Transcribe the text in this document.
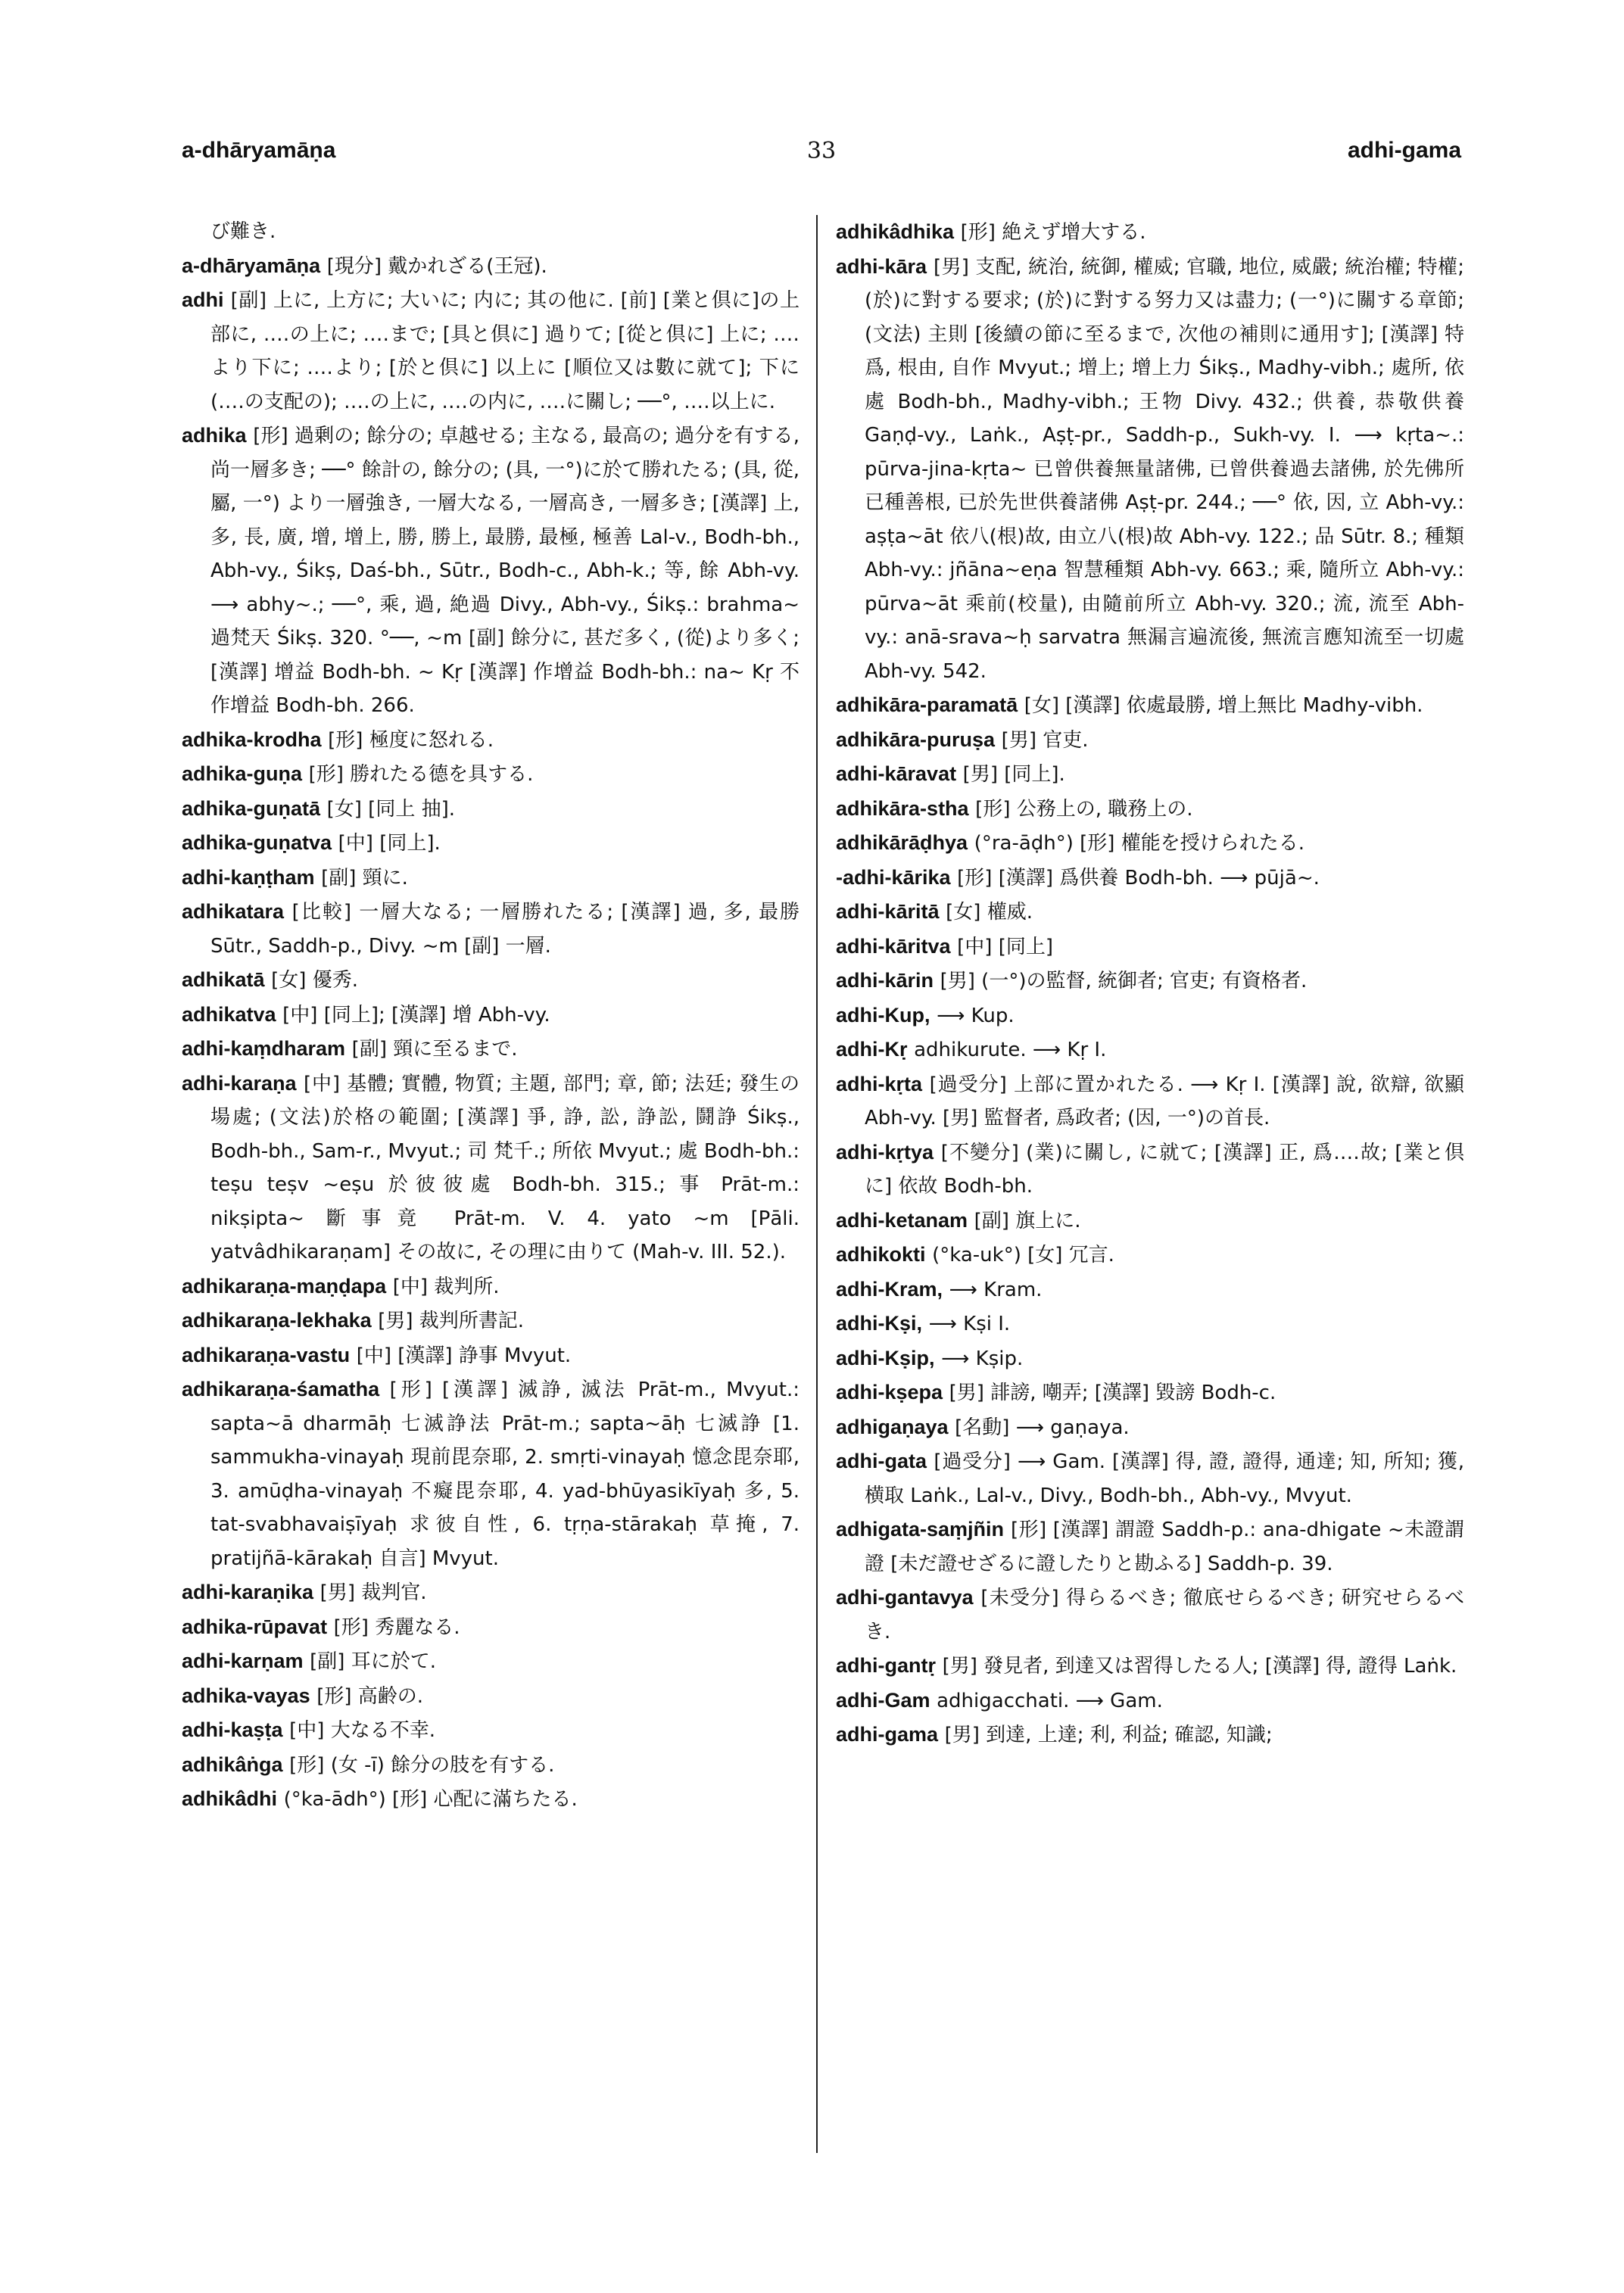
a-dhāryamāṇa	33	adhi-gama

び難き.

a-dhāryamāṇa [現分] 戴かれざる(王冠).

adhi [副] 上に, 上方に; 大いに; 内に; 其の他に. [前] [業と倶に]の上部に, ‥‥の上に; ‥‥まで; [具と倶に] 過りて; [從と倶に] 上に; ‥‥より下に; ‥‥より; [於と倶に] 以上に [順位又は數に就て]; 下に (‥‥の支配の); ‥‥の上に, ‥‥の内に, ‥‥に關し; ──°, ‥‥以上に.

adhika [形] 過剰の; 餘分の; 卓越せる; 主なる, 最高の; 過分を有する, 尚一層多き; ──° 餘計の, 餘分の; (具, 一°)に於て勝れたる; (具, 從, 屬, 一°) より一層強き, 一層大なる, 一層高き, 一層多き; [漢譯] 上, 多, 長, 廣, 增, 增上, 勝, 勝上, 最勝, 最極, 極善 Lal-v., Bodh-bh., Abh-vy., Śikṣ, Daś-bh., Sūtr., Bodh-c., Abh-k.; 等, 餘 Abh-vy. ⟶ abhy~.; ──°, 乘, 過, 絶過 Divy., Abh-vy., Śikṣ.: brahma~過梵天 Śikṣ. 320. °──, ~m [副] 餘分に, 甚だ多く, (從)より多く; [漢譯] 增益 Bodh-bh. ~ Kṛ [漢譯] 作增益 Bodh-bh.: na~ Kṛ 不作增益 Bodh-bh. 266.

adhika-krodha [形] 極度に怒れる.

adhika-guṇa [形] 勝れたる德を具する.

adhika-guṇatā [女] [同上 抽].

adhika-guṇatva [中] [同上].

adhi-kaṇṭham [副] 頸に.

adhikatara [比較] 一層大なる; 一層勝れたる; [漢譯] 過, 多, 最勝 Sūtr., Saddh-p., Divy. ~m [副] 一層.

adhikatā [女] 優秀.

adhikatva [中] [同上]; [漢譯] 增 Abh-vy.

adhi-kaṃdharam [副] 頸に至るまで.

adhi-karaṇa [中] 基體; 實體, 物質; 主題, 部門; 章, 節; 法廷; 發生の場處; (文法)於格の範圍; [漢譯] 爭, 諍, 訟, 諍訟, 鬪諍 Śikṣ., Bodh-bh., Sam-r., Mvyut.; 司 梵千.; 所依 Mvyut.; 處 Bodh-bh.: teṣu teṣv ~eṣu 於彼彼處 Bodh-bh. 315.; 事 Prāt-m.: nikṣipta~ 斷事竟 Prāt-m. V. 4. yato ~m [Pāli. yatvâdhikaraṇam] その故に, その理に由りて (Mah-v. III. 52.).

adhikaraṇa-maṇḍapa [中] 裁判所.

adhikaraṇa-lekhaka [男] 裁判所書記.

adhikaraṇa-vastu [中] [漢譯] 諍事 Mvyut.

adhikaraṇa-śamatha [形] [漢譯] 滅諍, 滅法 Prāt-m., Mvyut.: sapta~ā dharmāḥ 七滅諍法 Prāt-m.; sapta~āḥ 七滅諍 [1. sammukha-vinayaḥ 現前毘奈耶, 2. smṛti-vinayaḥ 憶念毘奈耶, 3. amūḍha-vinayaḥ 不癡毘奈耶, 4. yad-bhūyasikīyaḥ 多, 5. tat-svabhavaiṣīyaḥ 求彼自性, 6. tṛṇa-stārakaḥ 草掩, 7. pratijñā-kārakaḥ 自言] Mvyut.

adhi-karaṇika [男] 裁判官.

adhika-rūpavat [形] 秀麗なる.

adhi-karṇam [副] 耳に於て.

adhika-vayas [形] 高齢の.

adhi-kaṣṭa [中] 大なる不幸.

adhikâṅga [形] (女 -ī) 餘分の肢を有する.

adhikâdhi (°ka-ādh°) [形] 心配に滿ちたる.

adhikâdhika [形] 絶えず增大する.

adhi-kāra [男] 支配, 統治, 統御, 權威; 官職, 地位, 威嚴; 統治權; 特權; (於)に對する要求; (於)に對する努力又は盡力; (一°)に關する章節; (文法) 主則 [後續の節に至るまで, 次他の補則に通用す]; [漢譯] 特爲, 根由, 自作 Mvyut.; 增上; 增上力 Śikṣ., Madhy-vibh.; 處所, 依處 Bodh-bh., Madhy-vibh.; 王物 Divy. 432.; 供養, 恭敬供養 Gaṇḍ-vy., Laṅk., Aṣṭ-pr., Saddh-p., Sukh-vy. I. ⟶ kṛta~.: pūrva-jina-kṛta~ 已曾供養無量諸佛, 已曾供養過去諸佛, 於先佛所已種善根, 已於先世供養諸佛 Aṣṭ-pr. 244.; ──° 依, 因, 立 Abh-vy.: aṣṭa~āt 依八(根)故, 由立八(根)故 Abh-vy. 122.; 品 Sūtr. 8.; 種類 Abh-vy.: jñāna~eṇa 智慧種類 Abh-vy. 663.; 乘, 隨所立 Abh-vy.: pūrva~āt 乘前(校量), 由隨前所立 Abh-vy. 320.; 流, 流至 Abh-vy.: anā-srava~ḥ sarvatra 無漏言遍流後, 無流言應知流至一切處 Abh-vy. 542.

adhikāra-paramatā [女] [漢譯] 依處最勝, 增上無比 Madhy-vibh.

adhikāra-puruṣa [男] 官吏.

adhi-kāravat [男] [同上].

adhikāra-stha [形] 公務上の, 職務上の.

adhikārāḍhya (°ra-āḍh°) [形] 權能を授けられたる.

-adhi-kārika [形] [漢譯] 爲供養 Bodh-bh. ⟶ pūjā~.

adhi-kāritā [女] 權威.

adhi-kāritva [中] [同上]

adhi-kārin [男] (一°)の監督, 統御者; 官吏; 有資格者.

adhi-Kup, ⟶ Kup.

adhi-Kṛ adhikurute. ⟶ Kṛ I.

adhi-kṛta [過受分] 上部に置かれたる. ⟶ Kṛ I. [漢譯] 說, 欲辯, 欲顯 Abh-vy. [男] 監督者, 爲政者; (因, 一°)の首長.

adhi-kṛtya [不變分] (業)に關し, に就て; [漢譯] 正, 爲‥‥故; [業と倶に] 依故 Bodh-bh.

adhi-ketanam [副] 旗上に.

adhikokti (°ka-uk°) [女] 冗言.

adhi-Kram, ⟶ Kram.

adhi-Kṣi, ⟶ Kṣi I.

adhi-Kṣip, ⟶ Kṣip.

adhi-kṣepa [男] 誹謗, 嘲弄; [漢譯] 毀謗 Bodh-c.

adhigaṇaya [名動] ⟶ gaṇaya.

adhi-gata [過受分] ⟶ Gam. [漢譯] 得, 證, 證得, 通達; 知, 所知; 獲, 横取 Laṅk., Lal-v., Divy., Bodh-bh., Abh-vy., Mvyut.

adhigata-saṃjñin [形] [漢譯] 謂證 Saddh-p.: ana-dhigate ~未證謂證 [未だ證せざるに證したりと勘ふる] Saddh-p. 39.

adhi-gantavya [未受分] 得らるべき; 徹底せらるべき; 研究せらるべき.

adhi-gantṛ [男] 發見者, 到達又は習得したる人; [漢譯] 得, 證得 Laṅk.

adhi-Gam adhigacchati. ⟶ Gam.

adhi-gama [男] 到達, 上達; 利, 利益; 確認, 知識;
